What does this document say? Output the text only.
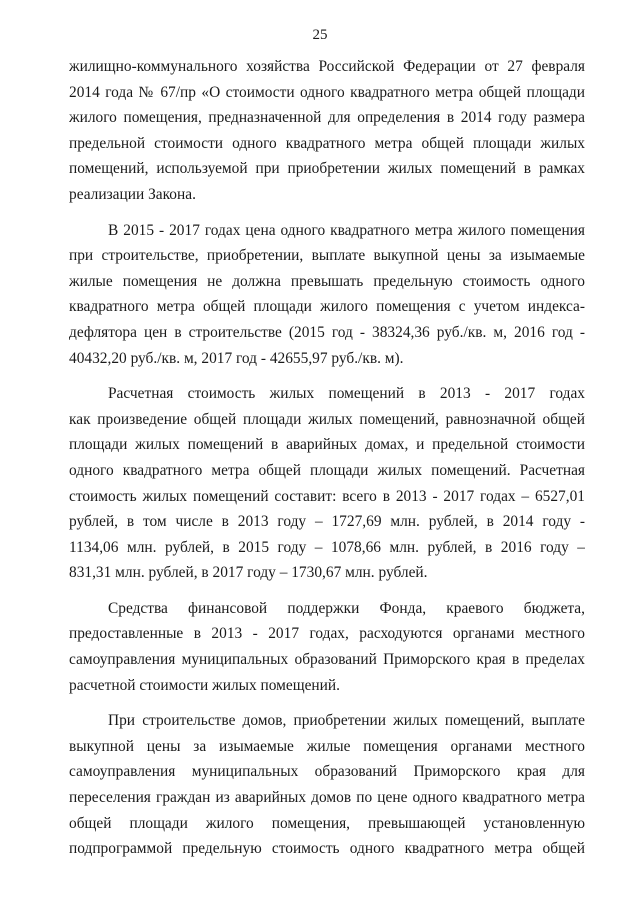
25
жилищно-коммунального хозяйства Российской Федерации от 27 февраля
2014 года № 67/пр «О стоимости одного квадратного метра общей площади
жилого помещения, предназначенной для определения в 2014 году размера
предельной стоимости одного квадратного метра общей площади жилых
помещений, используемой при приобретении жилых помещений в рамках
реализации Закона.
В 2015 - 2017 годах цена одного квадратного метра жилого помещения
при строительстве, приобретении, выплате выкупной цены за изымаемые
жилые помещения не должна превышать предельную стоимость одного
квадратного метра общей площади жилого помещения с учетом индекса-
дефлятора цен в строительстве (2015 год - 38324,36 руб./кв. м, 2016 год -
40432,20 руб./кв. м, 2017 год - 42655,97 руб./кв. м).
Расчетная стоимость жилых помещений в 2013 - 2017 годах
как произведение общей площади жилых помещений, равнозначной общей
площади жилых помещений в аварийных домах, и предельной стоимости
одного квадратного метра общей площади жилых помещений. Расчетная
стоимость жилых помещений составит: всего в 2013 - 2017 годах – 6527,01
рублей, в том числе в 2013 году – 1727,69 млн. рублей, в 2014 году -
1134,06 млн. рублей, в 2015 году – 1078,66 млн. рублей, в 2016 году –
831,31 млн. рублей, в 2017 году – 1730,67 млн. рублей.
Средства финансовой поддержки Фонда, краевого бюджета,
предоставленные в 2013 - 2017 годах, расходуются органами местного
самоуправления муниципальных образований Приморского края в пределах
расчетной стоимости жилых помещений.
При строительстве домов, приобретении жилых помещений, выплате
выкупной цены за изымаемые жилые помещения органами местного
самоуправления муниципальных образований Приморского края для
переселения граждан из аварийных домов по цене одного квадратного метра
общей площади жилого помещения, превышающей установленную
подпрограммой предельную стоимость одного квадратного метра общей
